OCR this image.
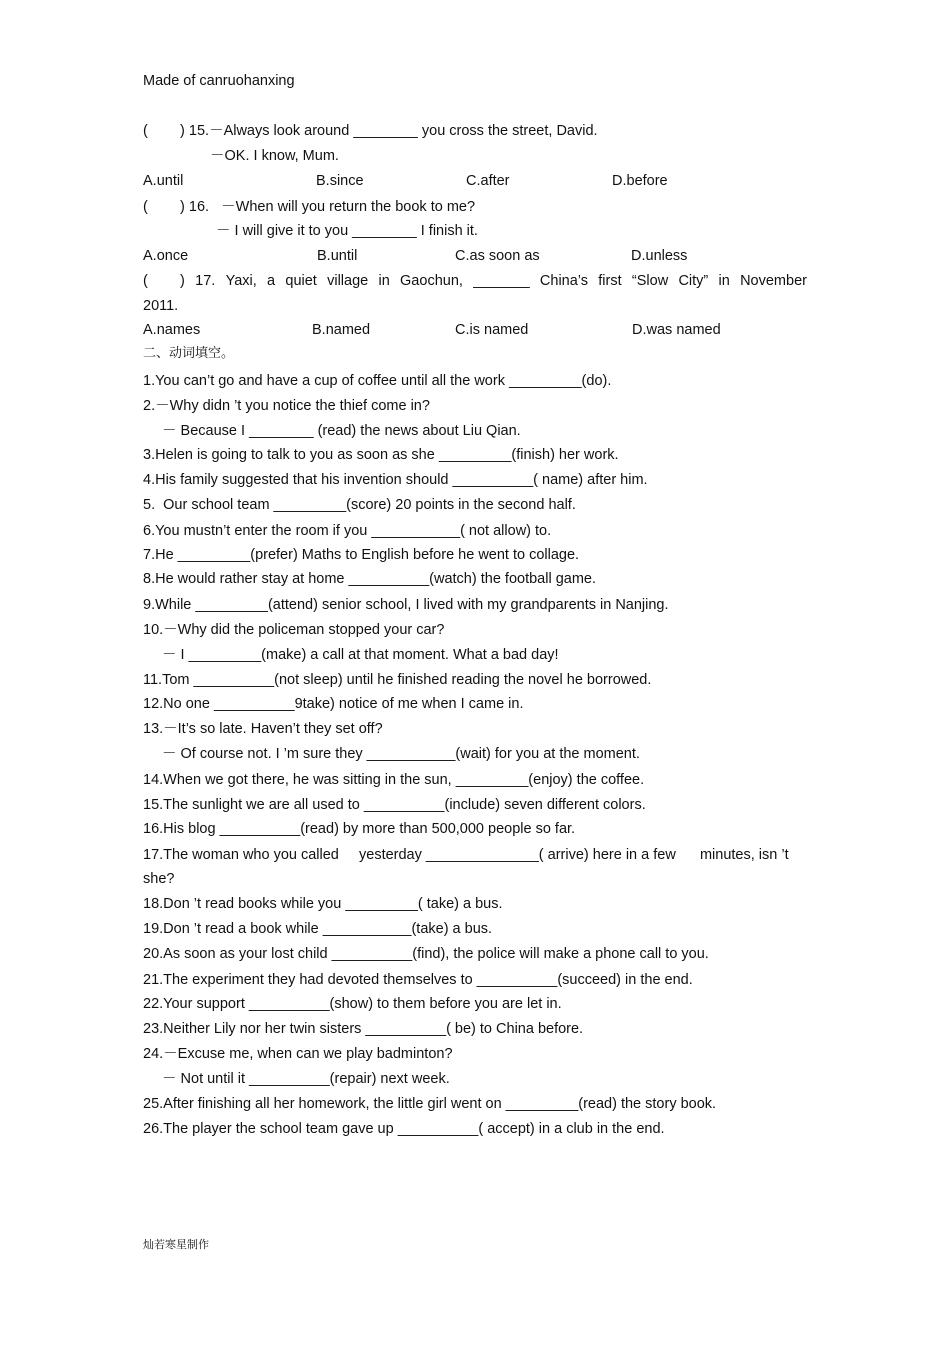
Made of canruohanxing
(        ) 15.－Always look around ________ you cross the street, David.
－OK. I know, Mum.
A.until	B.since	C.after	D.before
(        ) 16.   －When will you return the book to me?
－ I will give it to you ________ I finish it.
A.once	B.until	C.as soon as	D.unless
(        ) 17. Yaxi, a quiet village in Gaochun, _______ China’s first “Slow City” in November
2011.
A.names	B.named	C.is named	D.was named
二、动词填空。
1.You can’t go and have a cup of coffee until all the work _________(do).
2.－Why didn ’t you notice the thief come in?
－ Because I ________ (read) the news about Liu Qian.
3.Helen is going to talk to you as soon as she _________(finish) her work.
4.His family suggested that his invention should __________( name) after him.
5.  Our school team _________(score) 20 points in the second half.
6.You mustn’t enter the room if you ___________( not allow) to.
7.He _________(prefer) Maths to English before he went to collage.
8.He would rather stay at home __________(watch) the football game.
9.While _________(attend) senior school, I lived with my grandparents in Nanjing.
10.－Why did the policeman stopped your car?
－ I _________(make) a call at that moment. What a bad day!
11.Tom __________(not sleep) until he finished reading the novel he borrowed.
12.No one __________9take) notice of me when I came in.
13.－It’s so late. Haven’t they set off?
－ Of course not. I ’m sure they ___________(wait) for you at the moment.
14.When we got there, he was sitting in the sun, _________(enjoy) the coffee.
15.The sunlight we are all used to __________(include) seven different colors.
16.His blog __________(read) by more than 500,000 people so far.
17.The woman who you called     yesterday ______________( arrive) here in a few      minutes, isn ’t
she?
18.Don ’t read books while you _________( take) a bus.
19.Don ’t read a book while ___________(take) a bus.
20.As soon as your lost child __________(find), the police will make a phone call to you.
21.The experiment they had devoted themselves to __________(succeed) in the end.
22.Your support __________(show) to them before you are let in.
23.Neither Lily nor her twin sisters __________( be) to China before.
24.－Excuse me, when can we play badminton?
－ Not until it __________(repair) next week.
25.After finishing all her homework, the little girl went on _________(read) the story book.
26.The player the school team gave up __________( accept) in a club in the end.
灿若寒星制作
